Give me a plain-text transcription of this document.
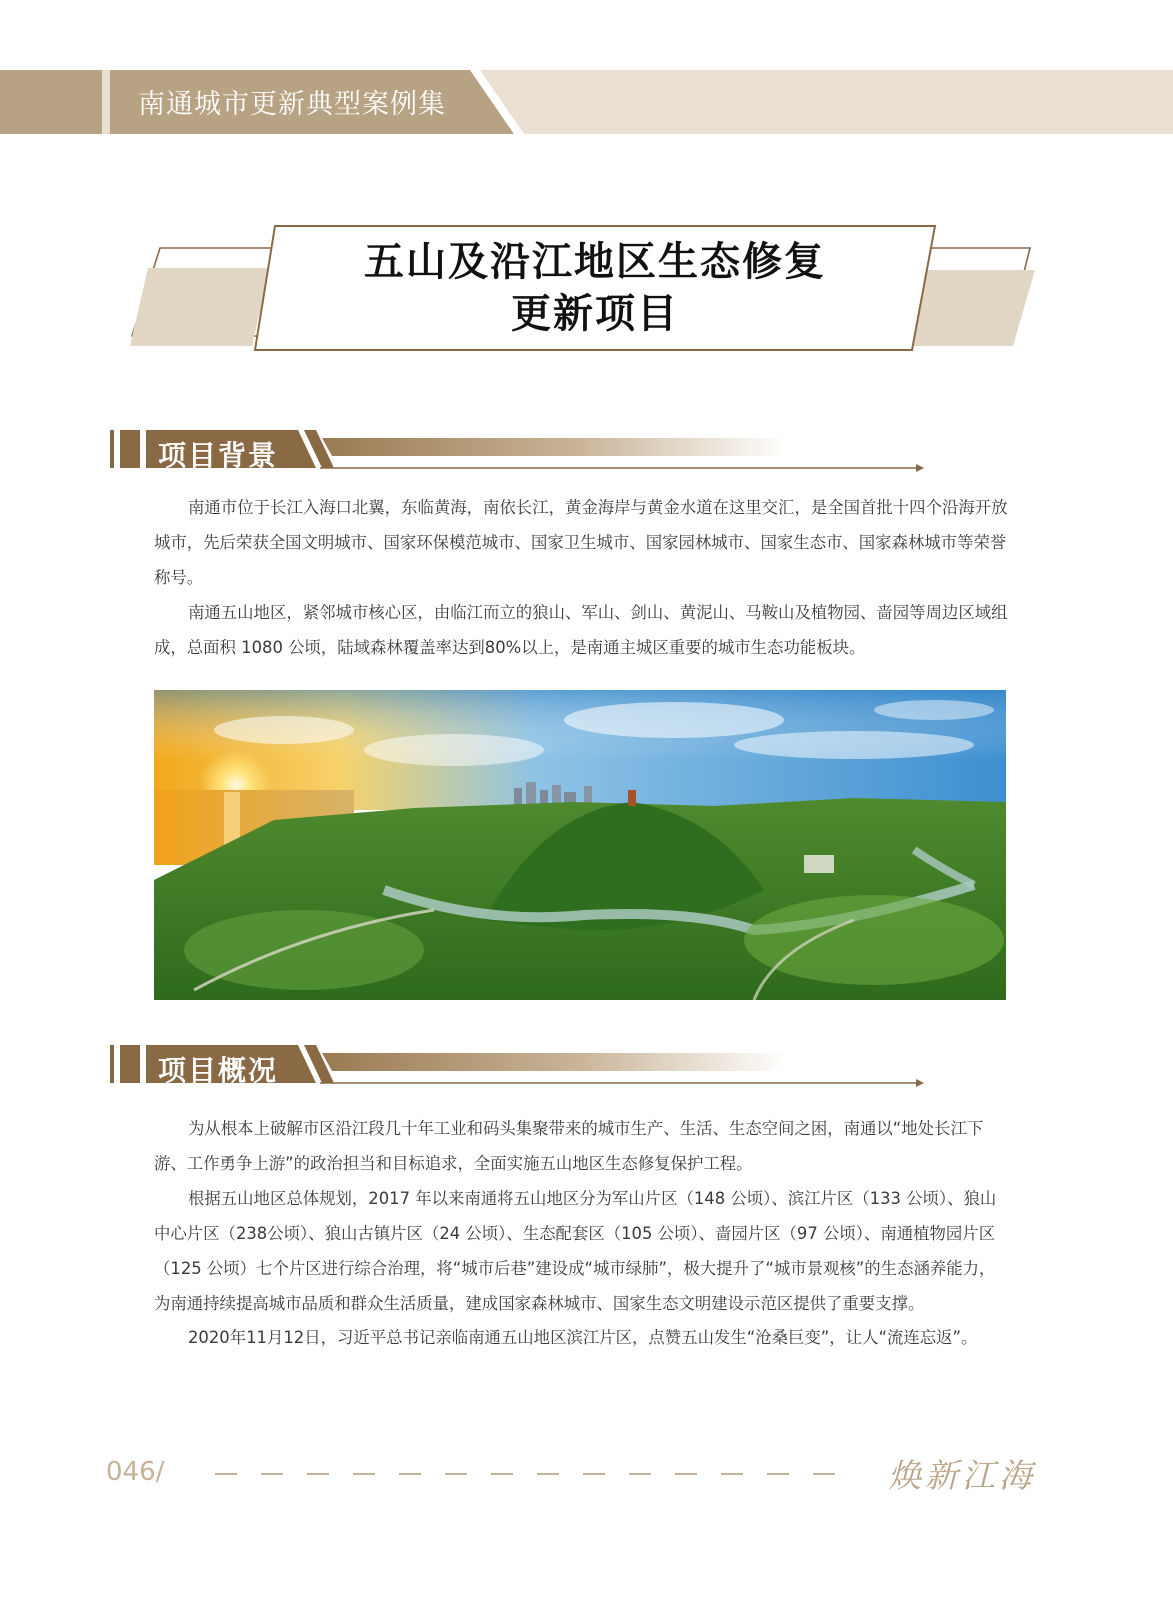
南通城市更新典型案例集
五山及沿江地区生态修复
更新项目
项目背景

南通市位于长江入海口北翼，东临黄海，南依长江，黄金海岸与黄金水道在这里交汇，是全国首批十四个沿海开放城市，先后荣获全国文明城市、国家环保模范城市、国家卫生城市、国家园林城市、国家生态市、国家森林城市等荣誉称号。

南通五山地区，紧邻城市核心区，由临江而立的狼山、军山、剑山、黄泥山、马鞍山及植物园、啬园等周边区域组成，总面积 1080 公顷，陆域森林覆盖率达到80%以上，是南通主城区重要的城市生态功能板块。

项目概况

为从根本上破解市区沿江段几十年工业和码头集聚带来的城市生产、生活、生态空间之困，南通以“地处长江下游、工作勇争上游”的政治担当和目标追求，全面实施五山地区生态修复保护工程。

根据五山地区总体规划，2017 年以来南通将五山地区分为军山片区（148 公顷）、滨江片区（133 公顷）、狼山中心片区（238公顷）、狼山古镇片区（24 公顷）、生态配套区（105 公顷）、啬园片区（97 公顷）、南通植物园片区（125 公顷）七个片区进行综合治理，将“城市后巷”建设成“城市绿肺”，极大提升了“城市景观核”的生态涵养能力，为南通持续提高城市品质和群众生活质量，建成国家森林城市、国家生态文明建设示范区提供了重要支撑。

2020年11月12日，习近平总书记亲临南通五山地区滨江片区，点赞五山发生“沧桑巨变”，让人“流连忘返”。

046/	焕新江海
